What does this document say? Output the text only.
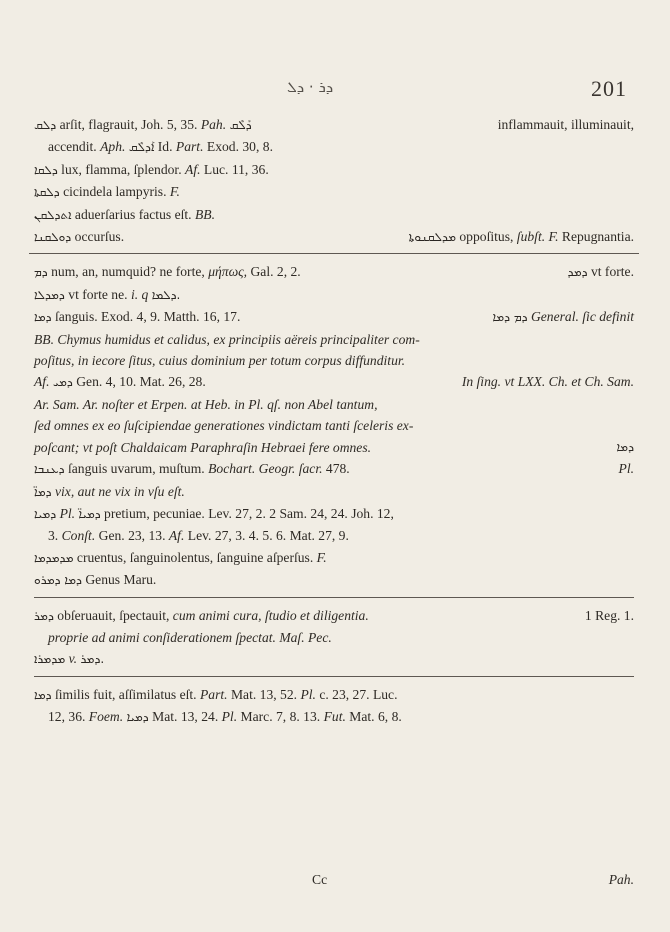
ܕܪ · ܕܠ	201
ܕܠܩ arſit, flagrauit, Joh. 5, 35. Pah. ܕܰܠܶܩ	inflammauit, illuminauit,
accendit. Aph. ܐܰܕܠܶܩ Id. Part. Exod. 30, 8.
ܕܠܩܐ lux, flamma, ſplendor. Af. Luc. 11, 36.
ܕܠܩܬܐ cicindela lampyris. F.
ܐܬܕܠܩܢ aduerſarius factus eſt. BB.
ܕܘܠܩܢܐ occurſus.	ܡܕܠܩܢܘܬܐ oppoſitus, ſubſt. F. Repugnantia.
ܕܡ num, an, numquid? ne forte, μήπως, Gal. 2, 2.	ܕܡܕ vt forte.
ܕܡܕܠܐ vt forte ne. i. q ܕܠܡܐ.
ܕܡܐ ſanguis. Exod. 4, 9. Matth. 16, 17.	ܕܡ ܕܡܐ General. ſic definit
BB. Chymus humidus et calidus, ex principiis aëreis principaliter com-
poſitus, in iecore ſitus, cuius dominium per totum corpus diffunditur.
Af. ܕܡܝ Gen. 4, 10. Mat. 26, 28.	In ſing. vt LXX. Ch. et Ch. Sam.
Ar. Sam. Ar. noſter et Erpen. at Heb. in Pl. qſ. non Abel tantum,
ſed omnes ex eo ſuſcipiendae generationes vindictam tanti ſceleris ex-
poſcant; vt poſt Chaldaicam Paraphraſin Hebraei fere omnes.	ܕܡܐ
ܕܥܢܒܐ ſanguis uvarum, muſtum. Bochart. Geogr. ſacr. 478.	Pl.
ܕܡܐ̈ vix, aut ne vix in vſu eſt.
ܕܡܝܐ Pl. ܕܡܝܐ̈ pretium, pecuniae. Lev. 27, 2. 2 Sam. 24, 24. Joh. 12,
3. Conſt. Gen. 23, 13. Af. Lev. 27, 3. 4. 5. 6. Mat. 27, 9.
ܡܕܡܕܡܐ cruentus, ſanguinolentus, ſanguine aſperſus. F.
ܕܡܐ ܕܡܪܘ Genus Maru.
ܕܡܪ obſeruauit, ſpectauit, cum animi cura, ſtudio et diligentia.	1 Reg. 1.
proprie ad animi conſiderationem ſpectat. Maſ. Pec.
ܡܕܡܪܐ v. ܕܡܪ.
ܕܡܐ ſimilis fuit, aſſimilatus eſt. Part. Mat. 13, 52. Pl. c. 23, 27. Luc.
12, 36. Foem. ܕܡܝܐ Mat. 13, 24. Pl. Marc. 7, 8. 13. Fut. Mat. 6, 8.
Cc	Pah.
